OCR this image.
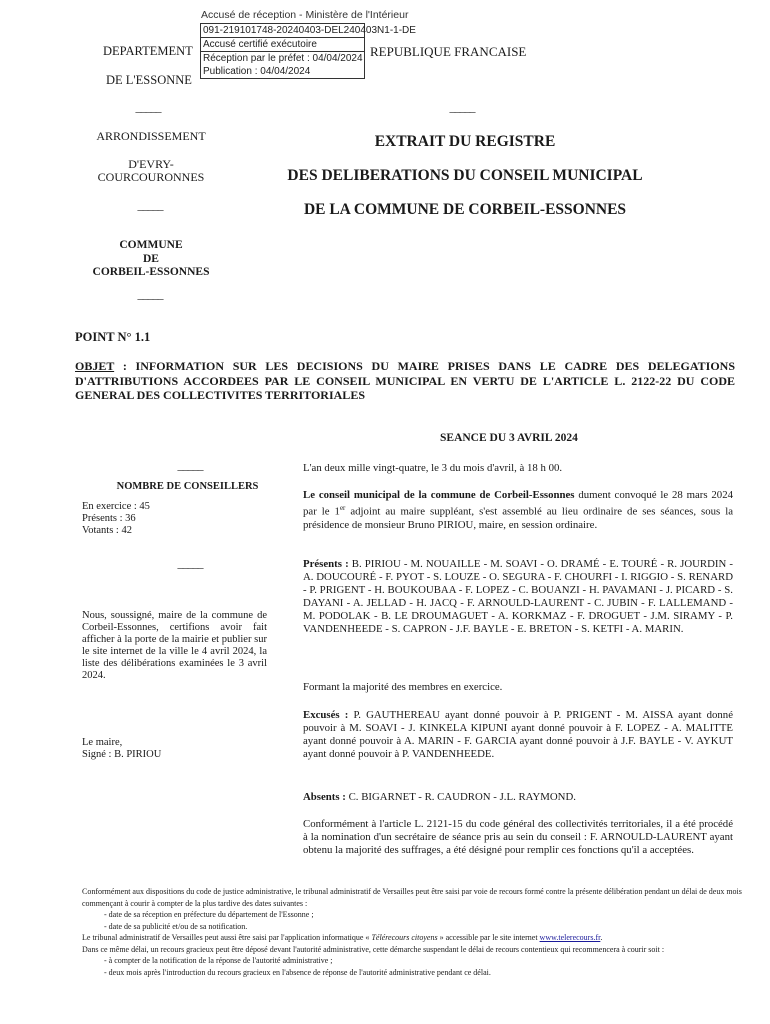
Accusé de réception - Ministère de l'Intérieur
091-219101748-20240403-DEL240403N1-1-DE
Accusé certifié exécutoire
Réception par le préfet : 04/04/2024
Publication : 04/04/2024
DEPARTEMENT
DE L'ESSONNE
REPUBLIQUE FRANCAISE
_____	_____
ARRONDISSEMENT
D'EVRY-
COURCOURONNES
_____
COMMUNE
DE
CORBEIL-ESSONNES
_____
EXTRAIT DU REGISTRE
DES DELIBERATIONS DU CONSEIL MUNICIPAL
DE LA COMMUNE DE CORBEIL-ESSONNES
POINT N° 1.1
OBJET : INFORMATION SUR LES DECISIONS DU MAIRE PRISES DANS LE CADRE DES DELEGATIONS D'ATTRIBUTIONS ACCORDEES PAR LE CONSEIL MUNICIPAL EN VERTU DE L'ARTICLE L. 2122-22 DU CODE GENERAL DES COLLECTIVITES TERRITORIALES
SEANCE DU 3 AVRIL 2024
_____
NOMBRE DE CONSEILLERS
En exercice : 45
Présents : 36
Votants : 42
_____
Nous, soussigné, maire de la commune de Corbeil-Essonnes, certifions avoir fait afficher à la porte de la mairie et publier sur le site internet de la ville le 4 avril 2024, la liste des délibérations examinées le 3 avril 2024.
Le maire,
Signé : B. PIRIOU
L'an deux mille vingt-quatre, le 3 du mois d'avril, à 18 h 00.
Le conseil municipal de la commune de Corbeil-Essonnes dument convoqué le 28 mars 2024 par le 1er adjoint au maire suppléant, s'est assemblé au lieu ordinaire de ses séances, sous la présidence de monsieur Bruno PIRIOU, maire, en session ordinaire.
Présents : B. PIRIOU - M. NOUAILLE - M. SOAVI - O. DRAMÉ - E. TOURÉ - R. JOURDIN - A. DOUCOURÉ - F. PYOT - S. LOUZE - O. SEGURA - F. CHOURFI - I. RIGGIO - S. RENARD - P. PRIGENT - H. BOUKOUBAA - F. LOPEZ - C. BOUANZI - H. PAVAMANI - J. PICARD - S. DAYANI - A. JELLAD - H. JACQ - F. ARNOULD-LAURENT - C. JUBIN - F. LALLEMAND - M. PODOLAK - B. LE DROUMAGUET - A. KORKMAZ - F. DROGUET - J.M. SIRAMY - P. VANDENHEEDE - S. CAPRON - J.F. BAYLE - E. BRETON - S. KETFI - A. MARIN.
Formant la majorité des membres en exercice.
Excusés : P. GAUTHEREAU ayant donné pouvoir à P. PRIGENT - M. AISSA ayant donné pouvoir à M. SOAVI - J. KINKELA KIPUNI ayant donné pouvoir à F. LOPEZ - A. MALITTE ayant donné pouvoir à A. MARIN - F. GARCIA ayant donné pouvoir à J.F. BAYLE - V. AYKUT ayant donné pouvoir à P. VANDENHEEDE.
Absents : C. BIGARNET - R. CAUDRON - J.L. RAYMOND.
Conformément à l'article L. 2121-15 du code général des collectivités territoriales, il a été procédé à la nomination d'un secrétaire de séance pris au sein du conseil : F. ARNOULD-LAURENT ayant obtenu la majorité des suffrages, a été désigné pour remplir ces fonctions qu'il a acceptées.
Conformément aux dispositions du code de justice administrative, le tribunal administratif de Versailles peut être saisi par voie de recours formé contre la présente délibération pendant un délai de deux mois commençant à courir à compter de la plus tardive des dates suivantes :
- date de sa réception en préfecture du département de l'Essonne ;
- date de sa publicité et/ou de sa notification.
Le tribunal administratif de Versailles peut aussi être saisi par l'application informatique « Télérecours citoyens » accessible par le site internet www.telerecours.fr.
Dans ce même délai, un recours gracieux peut être déposé devant l'autorité administrative, cette démarche suspendant le délai de recours contentieux qui recommencera à courir soit :
- à compter de la notification de la réponse de l'autorité administrative ;
- deux mois après l'introduction du recours gracieux en l'absence de réponse de l'autorité administrative pendant ce délai.
